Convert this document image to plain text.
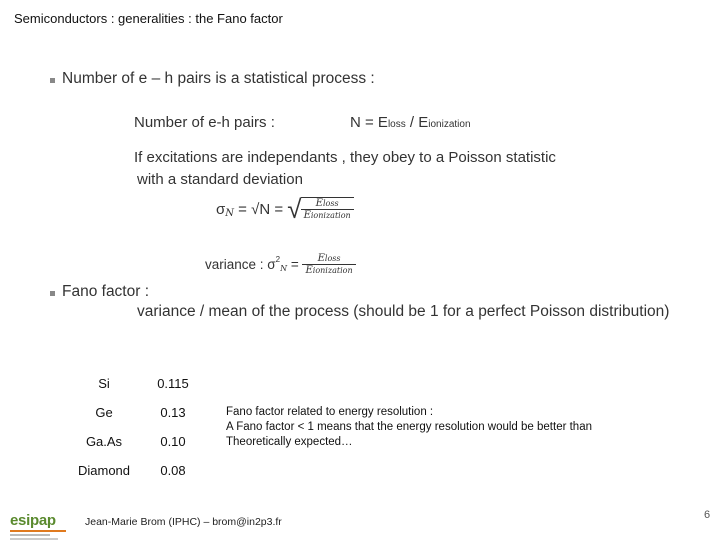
Semiconductors : generalities : the Fano factor
Number of e – h pairs is a statistical process :
Number of e-h pairs :	N = Eloss / Eionization
If excitations are independants , they obey to a Poisson statistic
with a standard deviation
σ N = √N = √ $\frac{\text{Eloss}}{\text{Eionization}}$
variance : σ 2
$N = \frac{\text{Eloss}}{\text{Eionization}}$
Fano factor :
variance / mean of the process (should be 1 for a perfect Poisson distribution)
Si	0.115
Ge	0.13
Ga.As	0.10
Diamond	0.08
Fano factor related to energy resolution :
A Fano factor < 1 means that the energy resolution would be better than
Theoretically expected…
esipap	Jean-Marie Brom (IPHC) – brom@in2p3.fr
6
